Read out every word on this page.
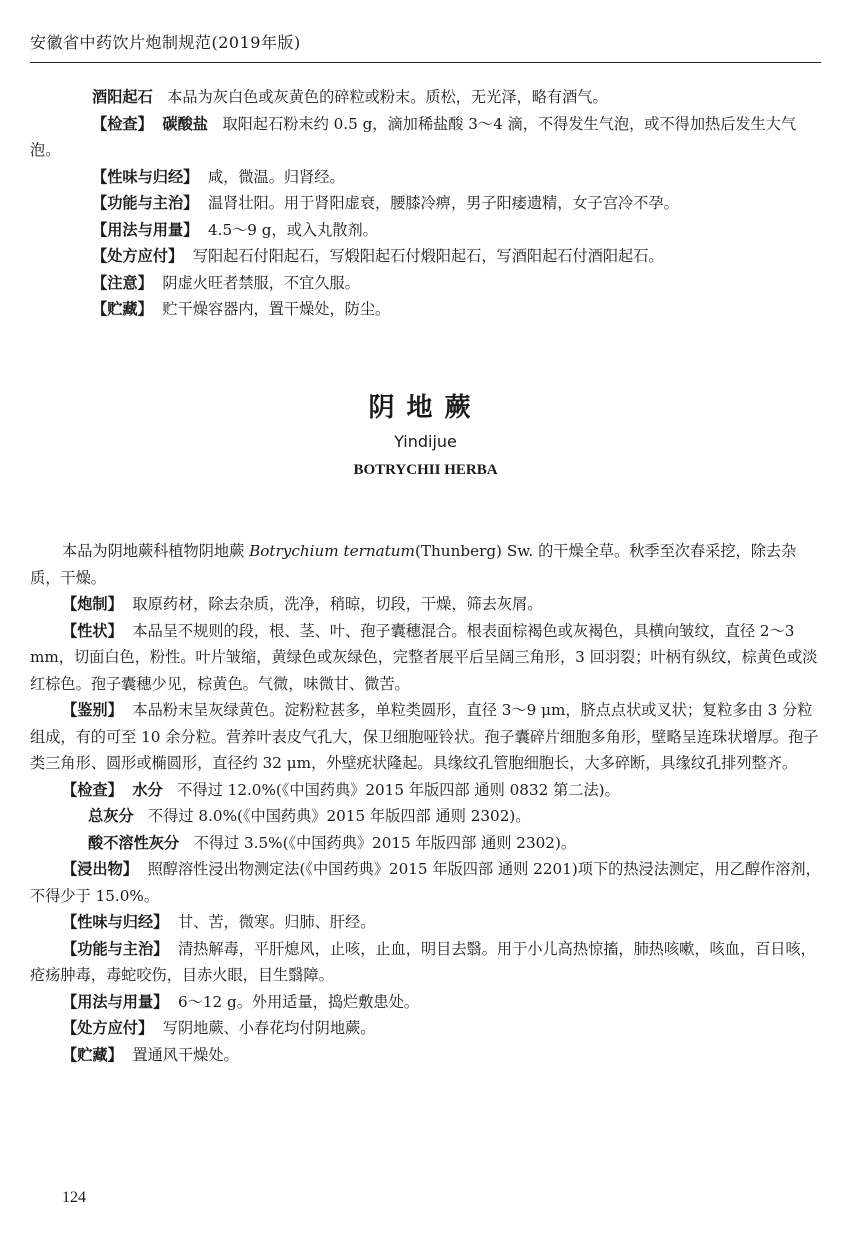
安徽省中药饮片炮制规范(2019年版)

酒阳起石 本品为灰白色或灰黄色的碎粒或粉末。质松，无光泽，略有酒气。

【检查】 碳酸盐 取阳起石粉末约 0.5 g，滴加稀盐酸 3～4 滴，不得发生气泡，或不得加热后发生大气泡。

【性味与归经】 咸，微温。归肾经。

【功能与主治】 温肾壮阳。用于肾阳虚衰，腰膝冷痹，男子阳痿遗精，女子宫冷不孕。

【用法与用量】 4.5～9 g，或入丸散剂。

【处方应付】 写阳起石付阳起石，写煅阳起石付煅阳起石，写酒阳起石付酒阳起石。

【注意】 阴虚火旺者禁服，不宜久服。

【贮藏】 贮干燥容器内，置干燥处，防尘。

阴地蕨
Yindijue
BOTRYCHII HERBA

本品为阴地蕨科植物阴地蕨 Botrychium ternatum(Thunberg) Sw. 的干燥全草。秋季至次春采挖，除去杂质，干燥。

【炮制】 取原药材，除去杂质，洗净，稍晾，切段，干燥，筛去灰屑。

【性状】 本品呈不规则的段，根、茎、叶、孢子囊穗混合。根表面棕褐色或灰褐色，具横向皱纹，直径 2～3 mm，切面白色，粉性。叶片皱缩，黄绿色或灰绿色，完整者展平后呈阔三角形，3 回羽裂；叶柄有纵纹，棕黄色或淡红棕色。孢子囊穗少见，棕黄色。气微，味微甘、微苦。

【鉴别】 本品粉末呈灰绿黄色。淀粉粒甚多，单粒类圆形，直径 3～9 μm，脐点点状或叉状；复粒多由 3 分粒组成，有的可至 10 余分粒。营养叶表皮气孔大，保卫细胞哑铃状。孢子囊碎片细胞多角形，壁略呈连珠状增厚。孢子类三角形、圆形或椭圆形，直径约 32 μm，外壁疣状隆起。具缘纹孔管胞细胞长，大多碎断，具缘纹孔排列整齐。

【检查】 水分 不得过 12.0%(《中国药典》2015 年版四部 通则 0832 第二法)。

总灰分 不得过 8.0%(《中国药典》2015 年版四部 通则 2302)。

酸不溶性灰分 不得过 3.5%(《中国药典》2015 年版四部 通则 2302)。

【浸出物】 照醇溶性浸出物测定法(《中国药典》2015 年版四部 通则 2201)项下的热浸法测定，用乙醇作溶剂，不得少于 15.0%。

【性味与归经】 甘、苦，微寒。归肺、肝经。

【功能与主治】 清热解毒，平肝熄风，止咳，止血，明目去翳。用于小儿高热惊搐，肺热咳嗽，咳血，百日咳，疮疡肿毒，毒蛇咬伤，目赤火眼，目生翳障。

【用法与用量】 6～12 g。外用适量，捣烂敷患处。

【处方应付】 写阴地蕨、小春花均付阴地蕨。

【贮藏】 置通风干燥处。

124
